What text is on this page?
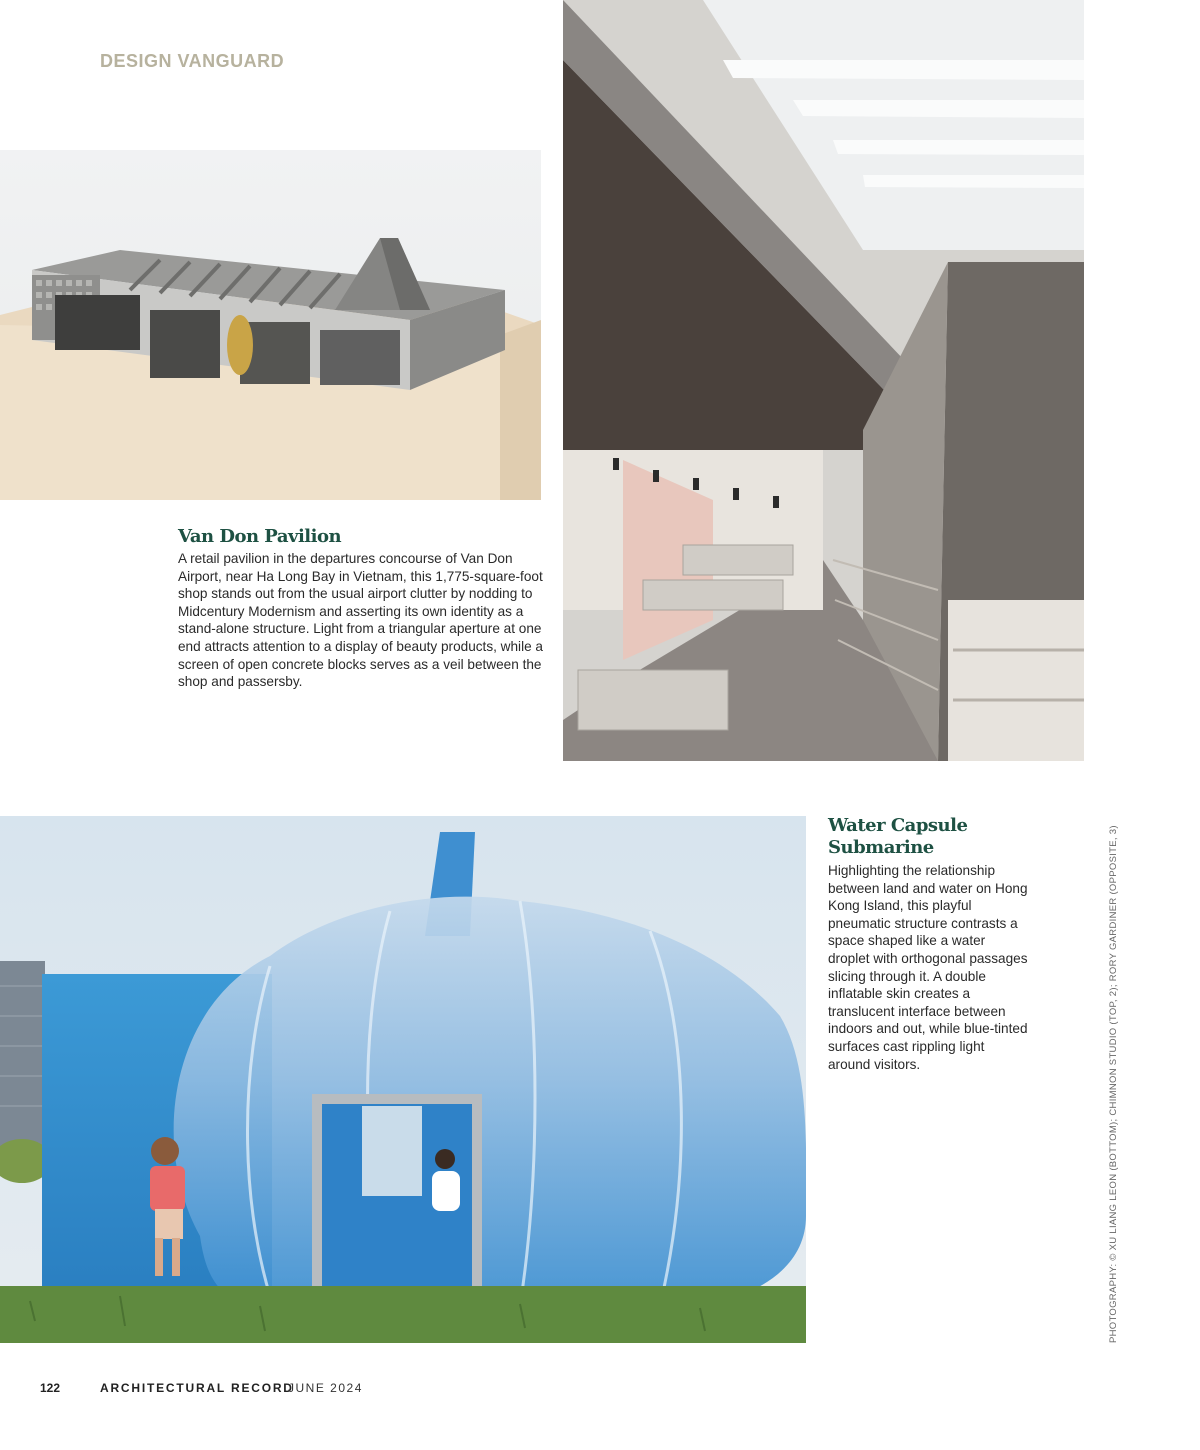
DESIGN VANGUARD
Van Don Pavilion

A retail pavilion in the departures concourse of Van Don Airport, near Ha Long Bay in Vietnam, this 1,775-square-foot shop stands out from the usual airport clutter by nodding to Midcentury Modernism and asserting its own identity as a stand-alone structure. Light from a triangular aperture at one end attracts attention to a display of beauty products, while a screen of open concrete blocks serves as a veil between the shop and passersby.

Water Capsule Submarine

Highlighting the relationship between land and water on Hong Kong Island, this playful pneumatic structure contrasts a space shaped like a water droplet with orthogonal passages slicing through it. A double inflatable skin creates a translucent interface between indoors and out, while blue-tinted surfaces cast rippling light around visitors.	PHOTOGRAPHY: © XU LIANG LEON (BOTTOM); CHIMNON STUDIO (TOP, 2); RORY GARDINER (OPPOSITE, 3)
122	ARCHITECTURAL RECORD
JUNE 2024
